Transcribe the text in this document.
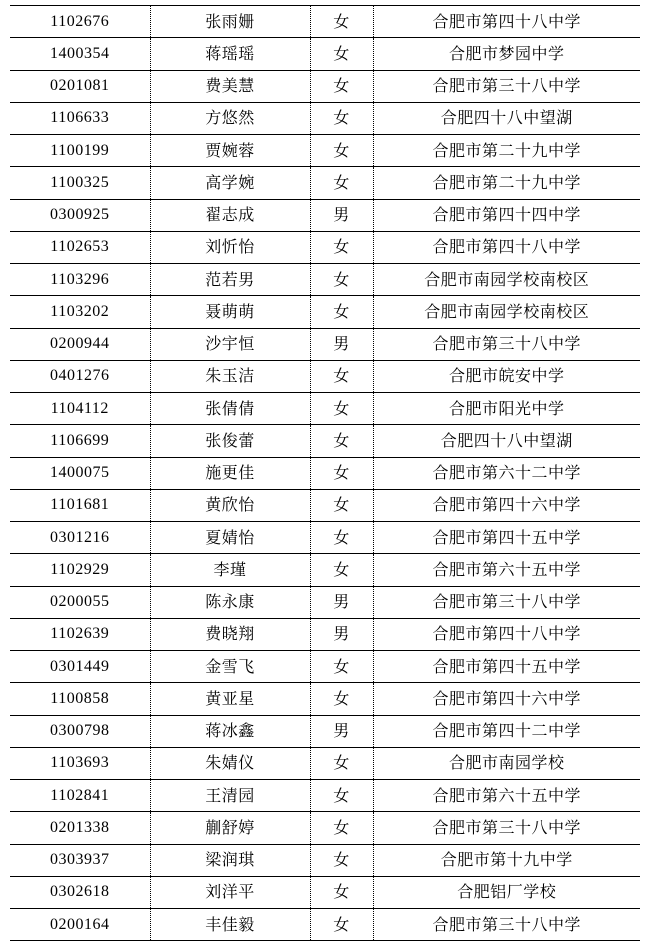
1102676	张雨姗	女	合肥市第四十八中学
1400354	蒋瑶瑶	女	合肥市梦园中学
0201081	费美慧	女	合肥市第三十八中学
1106633	方悠然	女	合肥四十八中望湖
1100199	贾婉蓉	女	合肥市第二十九中学
1100325	高学婉	女	合肥市第二十九中学
0300925	翟志成	男	合肥市第四十四中学
1102653	刘忻怡	女	合肥市第四十八中学
1103296	范若男	女	合肥市南园学校南校区
1103202	聂萌萌	女	合肥市南园学校南校区
0200944	沙宇恒	男	合肥市第三十八中学
0401276	朱玉洁	女	合肥市皖安中学
1104112	张倩倩	女	合肥市阳光中学
1106699	张俊蕾	女	合肥四十八中望湖
1400075	施更佳	女	合肥市第六十二中学
1101681	黄欣怡	女	合肥市第四十六中学
0301216	夏婧怡	女	合肥市第四十五中学
1102929	李瑾	女	合肥市第六十五中学
0200055	陈永康	男	合肥市第三十八中学
1102639	费晓翔	男	合肥市第四十八中学
0301449	金雪飞	女	合肥市第四十五中学
1100858	黄亚星	女	合肥市第四十六中学
0300798	蒋冰鑫	男	合肥市第四十二中学
1103693	朱婧仪	女	合肥市南园学校
1102841	王清园	女	合肥市第六十五中学
0201338	蒯舒婷	女	合肥市第三十八中学
0303937	梁润琪	女	合肥市第十九中学
0302618	刘洋平	女	合肥铝厂学校
0200164	丰佳毅	女	合肥市第三十八中学
